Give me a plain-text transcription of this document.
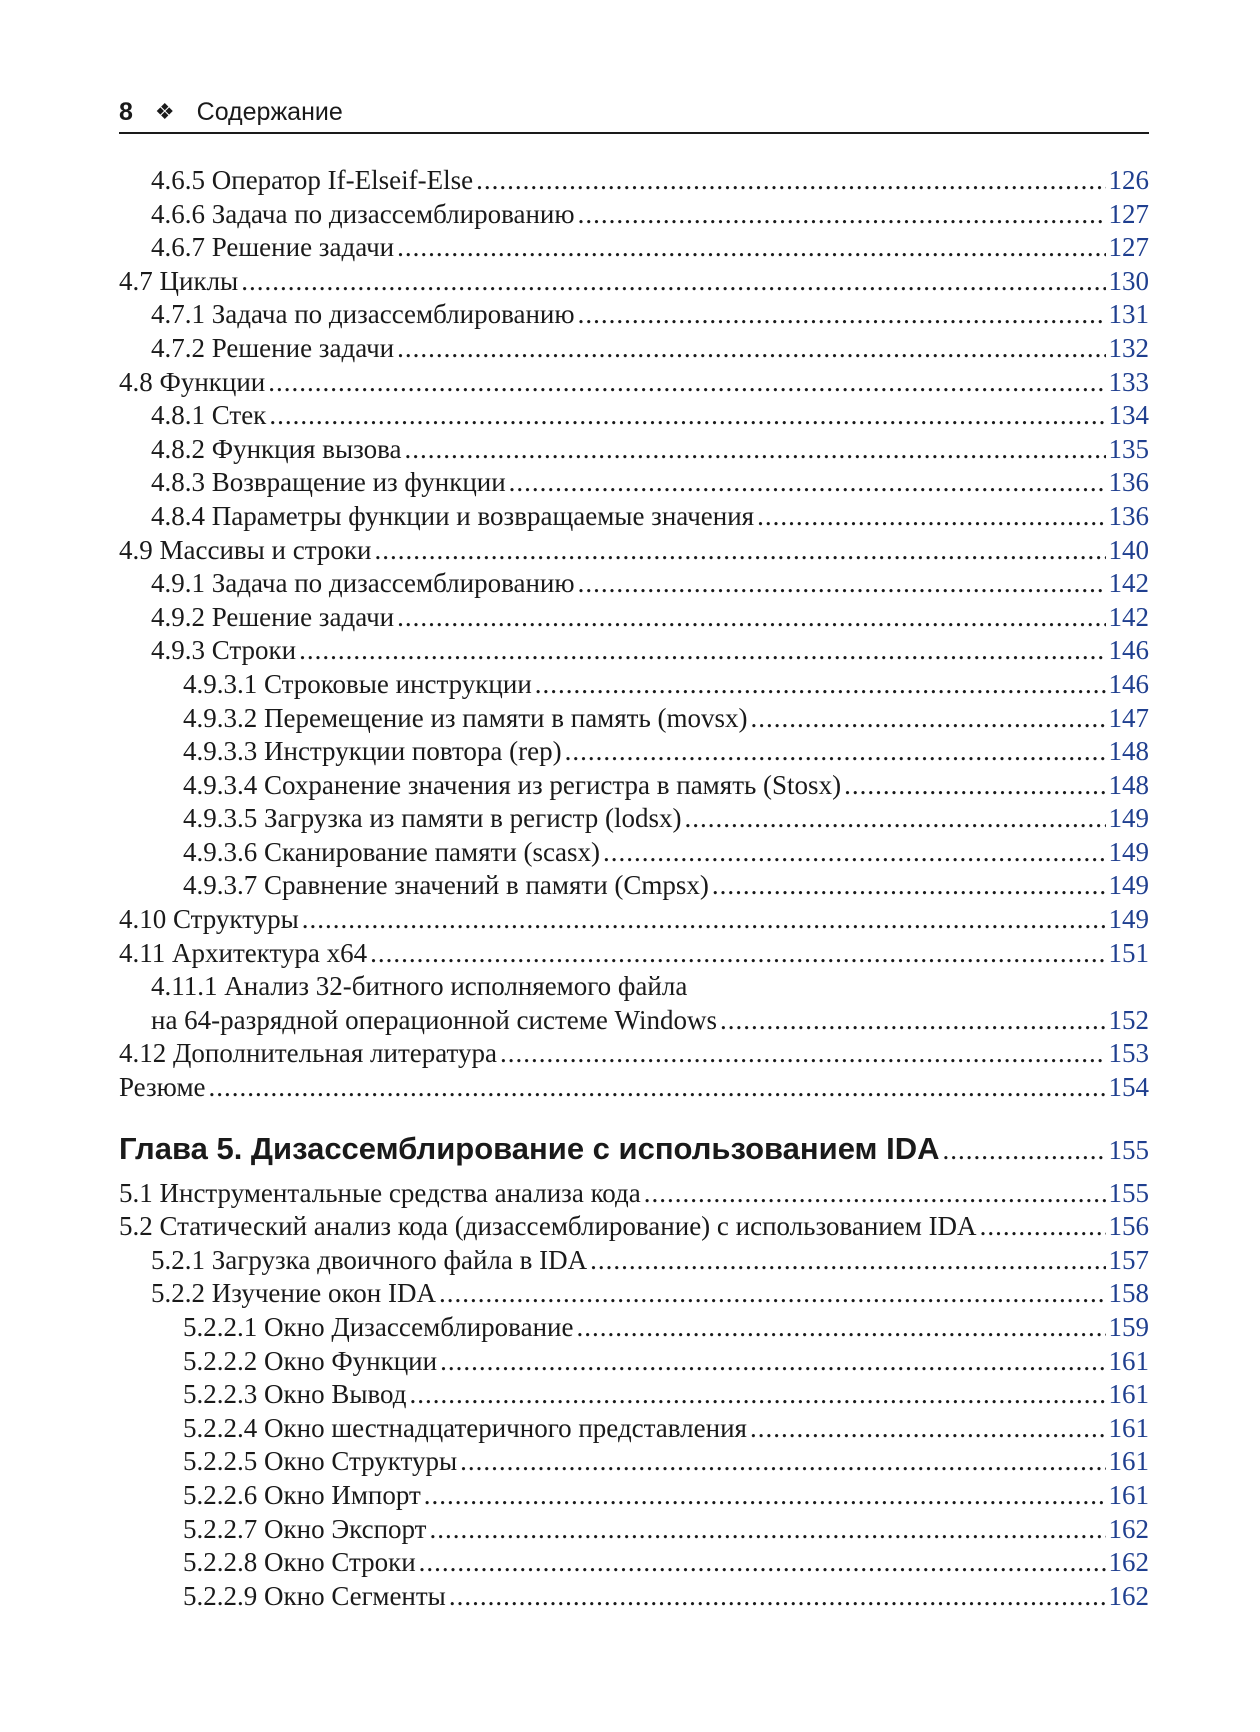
8 ❖ Содержание
4.6.5 Оператор If-Elseif-Else .....	126
4.6.6 Задача по дизассемблированию .....	127
4.6.7 Решение задачи .....	127
4.7 Циклы .....	130
4.7.1 Задача по дизассемблированию .....	131
4.7.2 Решение задачи .....	132
4.8 Функции .....	133
4.8.1 Стек .....	134
4.8.2 Функция вызова .....	135
4.8.3 Возвращение из функции .....	136
4.8.4 Параметры функции и возвращаемые значения .....	136
4.9 Массивы и строки .....	140
4.9.1 Задача по дизассемблированию .....	142
4.9.2 Решение задачи .....	142
4.9.3 Строки .....	146
4.9.3.1 Строковые инструкции .....	146
4.9.3.2 Перемещение из памяти в память (movsx) .....	147
4.9.3.3 Инструкции повтора (rep) .....	148
4.9.3.4 Сохранение значения из регистра в память (Stosx) .....	148
4.9.3.5 Загрузка из памяти в регистр (lodsx) .....	149
4.9.3.6 Сканирование памяти (scasx) .....	149
4.9.3.7 Сравнение значений в памяти (Cmpsx) .....	149
4.10 Структуры .....	149
4.11 Архитектура x64 .....	151
4.11.1 Анализ 32-битного исполняемого файла
на 64-разрядной операционной системе Windows .....	152
4.12 Дополнительная литература .....	153
Резюме .....	154
Глава 5. Дизассемблирование с использованием IDA .....	155
5.1 Инструментальные средства анализа кода .....	155
5.2 Статический анализ кода (дизассемблирование) с использованием IDA .....	156
5.2.1 Загрузка двоичного файла в IDA .....	157
5.2.2 Изучение окон IDA .....	158
5.2.2.1 Окно Дизассемблирование .....	159
5.2.2.2 Окно Функции .....	161
5.2.2.3 Окно Вывод .....	161
5.2.2.4 Окно шестнадцатеричного представления .....	161
5.2.2.5 Окно Структуры .....	161
5.2.2.6 Окно Импорт .....	161
5.2.2.7 Окно Экспорт .....	162
5.2.2.8 Окно Строки .....	162
5.2.2.9 Окно Сегменты .....	162
